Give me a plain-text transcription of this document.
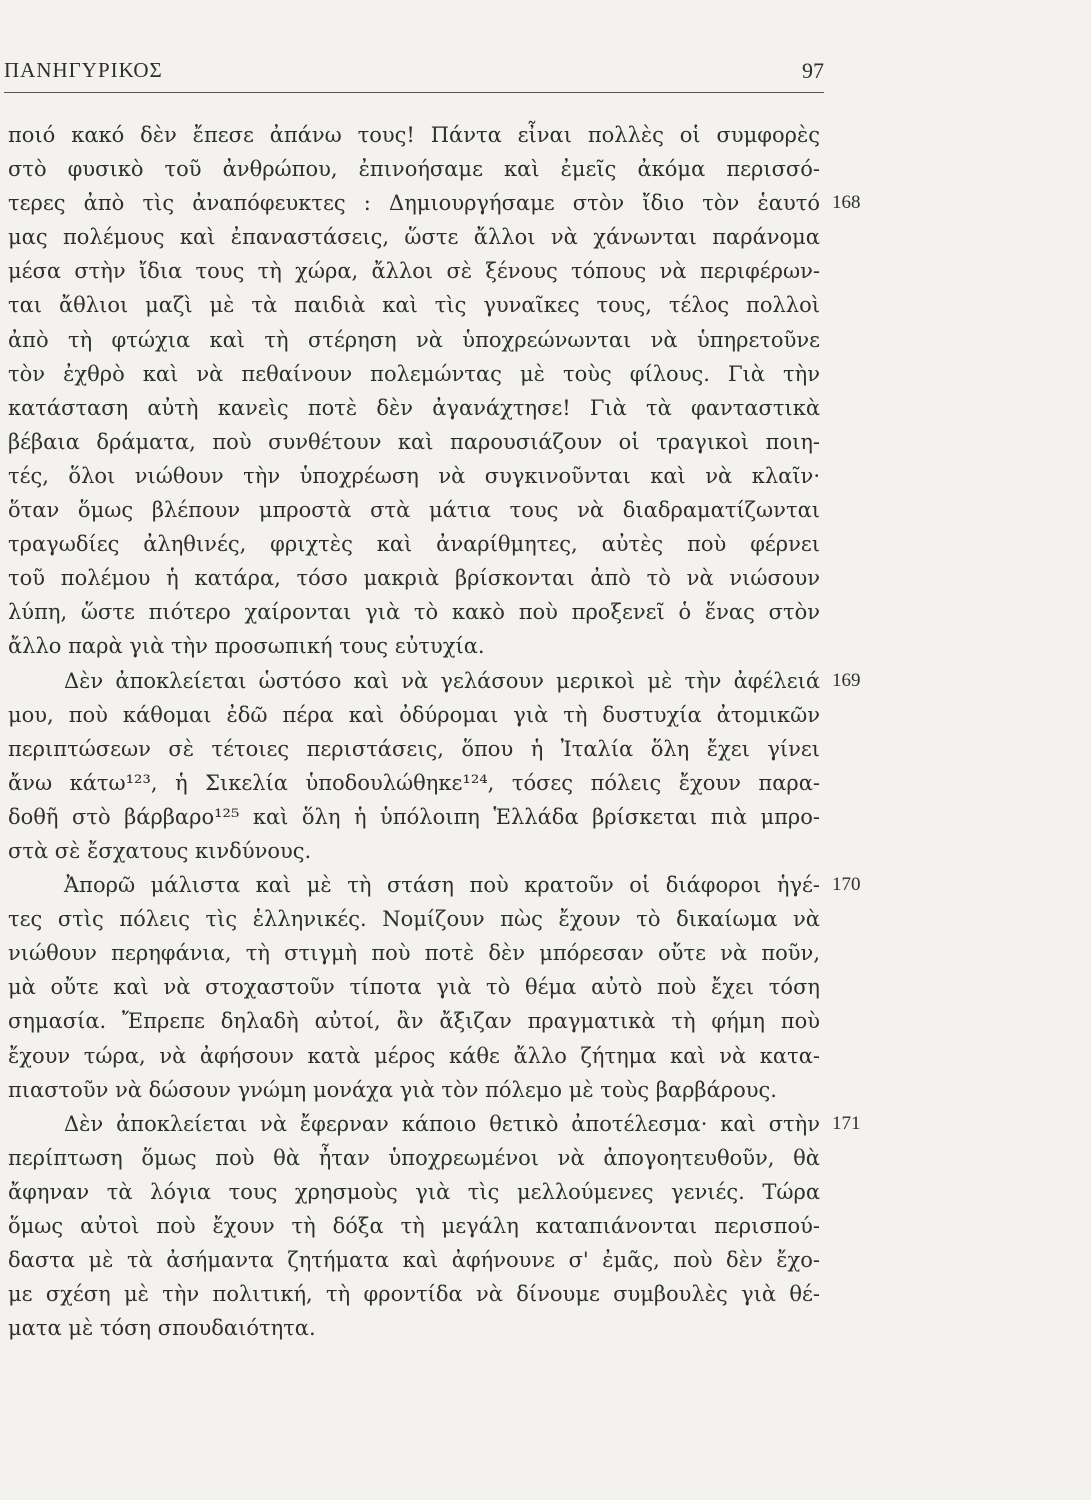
ΠΑΝΗΓΥΡΙΚΟΣ	97
ποιό κακό δὲν ἔπεσε ἀπάνω τους! Πάντα εἶναι πολλὲς οἱ συμφορὲς
στὸ φυσικὸ τοῦ ἀνθρώπου, ἐπινοήσαμε καὶ ἐμεῖς ἀκόμα περισσό-
τερες ἀπὸ τὶς ἀναπόφευκτες : Δημιουργήσαμε στὸν ἴδιο τὸν ἑαυτό 168
μας πολέμους καὶ ἐπαναστάσεις, ὥστε ἄλλοι νὰ χάνωνται παράνομα
μέσα στὴν ἴδια τους τὴ χώρα, ἄλλοι σὲ ξένους τόπους νὰ περιφέρων-
ται ἄθλιοι μαζὶ μὲ τὰ παιδιὰ καὶ τὶς γυναῖκες τους, τέλος πολλοὶ
ἀπὸ τὴ φτώχια καὶ τὴ στέρηση νὰ ὑποχρεώνωνται νὰ ὑπηρετοῦνε
τὸν ἐχθρὸ καὶ νὰ πεθαίνουν πολεμώντας μὲ τοὺς φίλους. Γιὰ τὴν
κατάσταση αὐτὴ κανεὶς ποτὲ δὲν ἀγανάχτησε! Γιὰ τὰ φανταστικὰ
βέβαια δράματα, ποὺ συνθέτουν καὶ παρουσιάζουν οἱ τραγικοὶ ποιη-
τές, ὅλοι νιώθουν τὴν ὑποχρέωση νὰ συγκινοῦνται καὶ νὰ κλαῖν·
ὅταν ὅμως βλέπουν μπροστὰ στὰ μάτια τους νὰ διαδραματίζωνται
τραγωδίες ἀληθινές, φριχτὲς καὶ ἀναρίθμητες, αὐτὲς ποὺ φέρνει
τοῦ πολέμου ἡ κατάρα, τόσο μακριὰ βρίσκονται ἀπὸ τὸ νὰ νιώσουν
λύπη, ὥστε πιότερο χαίρονται γιὰ τὸ κακὸ ποὺ προξενεῖ ὁ ἕνας στὸν
ἄλλο παρὰ γιὰ τὴν προσωπική τους εὐτυχία.
Δὲν ἀποκλείεται ὡστόσο καὶ νὰ γελάσουν μερικοὶ μὲ τὴν ἀφέλειά 169
μου, ποὺ κάθομαι ἐδῶ πέρα καὶ ὀδύρομαι γιὰ τὴ δυστυχία ἀτομικῶν
περιπτώσεων σὲ τέτοιες περιστάσεις, ὅπου ἡ Ἰταλία ὅλη ἔχει γίνει
ἄνω κάτω¹²³, ἡ Σικελία ὑποδουλώθηκε¹²⁴, τόσες πόλεις ἔχουν παρα-
δοθῆ στὸ βάρβαρο¹²⁵ καὶ ὅλη ἡ ὑπόλοιπη Ἑλλάδα βρίσκεται πιὰ μπρο-
στὰ σὲ ἔσχατους κινδύνους.
Ἀπορῶ μάλιστα καὶ μὲ τὴ στάση ποὺ κρατοῦν οἱ διάφοροι ἡγέ- 170
τες στὶς πόλεις τὶς ἑλληνικές. Νομίζουν πὼς ἔχουν τὸ δικαίωμα νὰ
νιώθουν περηφάνια, τὴ στιγμὴ ποὺ ποτὲ δὲν μπόρεσαν οὔτε νὰ ποῦν,
μὰ οὔτε καὶ νὰ στοχαστοῦν τίποτα γιὰ τὸ θέμα αὐτὸ ποὺ ἔχει τόση
σημασία. Ἔπρεπε δηλαδὴ αὐτοί, ἂν ἄξιζαν πραγματικὰ τὴ φήμη ποὺ
ἔχουν τώρα, νὰ ἀφήσουν κατὰ μέρος κάθε ἄλλο ζήτημα καὶ νὰ κατα-
πιαστοῦν νὰ δώσουν γνώμη μονάχα γιὰ τὸν πόλεμο μὲ τοὺς βαρβάρους.
Δὲν ἀποκλείεται νὰ ἔφερναν κάποιο θετικὸ ἀποτέλεσμα· καὶ στὴν 171
περίπτωση ὅμως ποὺ θὰ ἦταν ὑποχρεωμένοι νὰ ἀπογοητευθοῦν, θὰ
ἄφηναν τὰ λόγια τους χρησμοὺς γιὰ τὶς μελλούμενες γενιές. Τώρα
ὅμως αὐτοὶ ποὺ ἔχουν τὴ δόξα τὴ μεγάλη καταπιάνονται περισπού-
δαστα μὲ τὰ ἀσήμαντα ζητήματα καὶ ἀφήνουνε σ' ἐμᾶς, ποὺ δὲν ἔχο-
με σχέση μὲ τὴν πολιτική, τὴ φροντίδα νὰ δίνουμε συμβουλὲς γιὰ θέ-
ματα μὲ τόση σπουδαιότητα.
